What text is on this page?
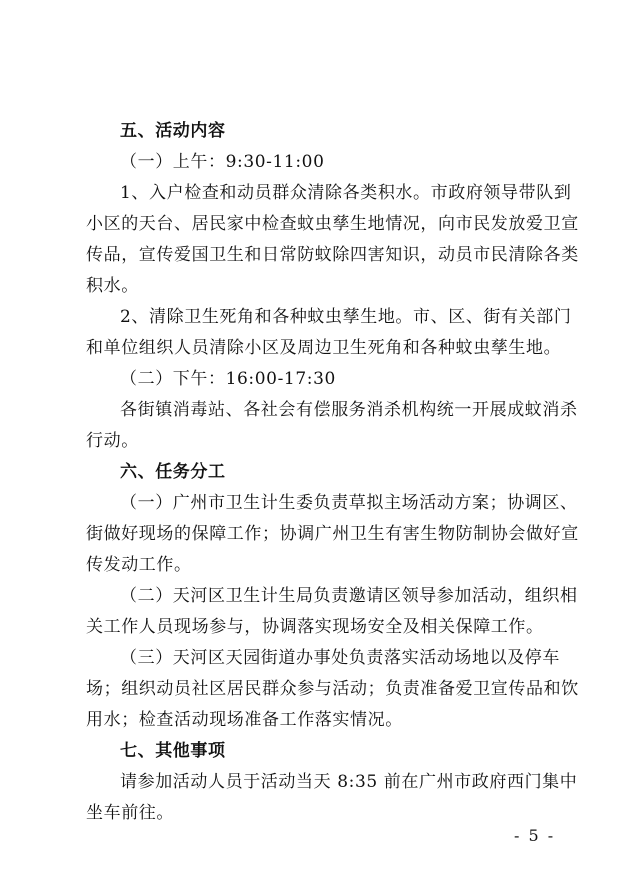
五、活动内容
（一）上午：9:30-11:00
1、入户检查和动员群众清除各类积水。市政府领导带队到
小区的天台、居民家中检查蚊虫孳生地情况，向市民发放爱卫宣
传品，宣传爱国卫生和日常防蚊除四害知识，动员市民清除各类
积水。
2、清除卫生死角和各种蚊虫孳生地。市、区、街有关部门
和单位组织人员清除小区及周边卫生死角和各种蚊虫孳生地。
（二）下午：16:00-17:30
各街镇消毒站、各社会有偿服务消杀机构统一开展成蚊消杀
行动。
六、任务分工
（一）广州市卫生计生委负责草拟主场活动方案；协调区、
街做好现场的保障工作；协调广州卫生有害生物防制协会做好宣
传发动工作。
（二）天河区卫生计生局负责邀请区领导参加活动，组织相
关工作人员现场参与，协调落实现场安全及相关保障工作。
（三）天河区天园街道办事处负责落实活动场地以及停车
场；组织动员社区居民群众参与活动；负责准备爱卫宣传品和饮
用水；检查活动现场准备工作落实情况。
七、其他事项
请参加活动人员于活动当天 8:35 前在广州市政府西门集中
坐车前往。
- 5 -
